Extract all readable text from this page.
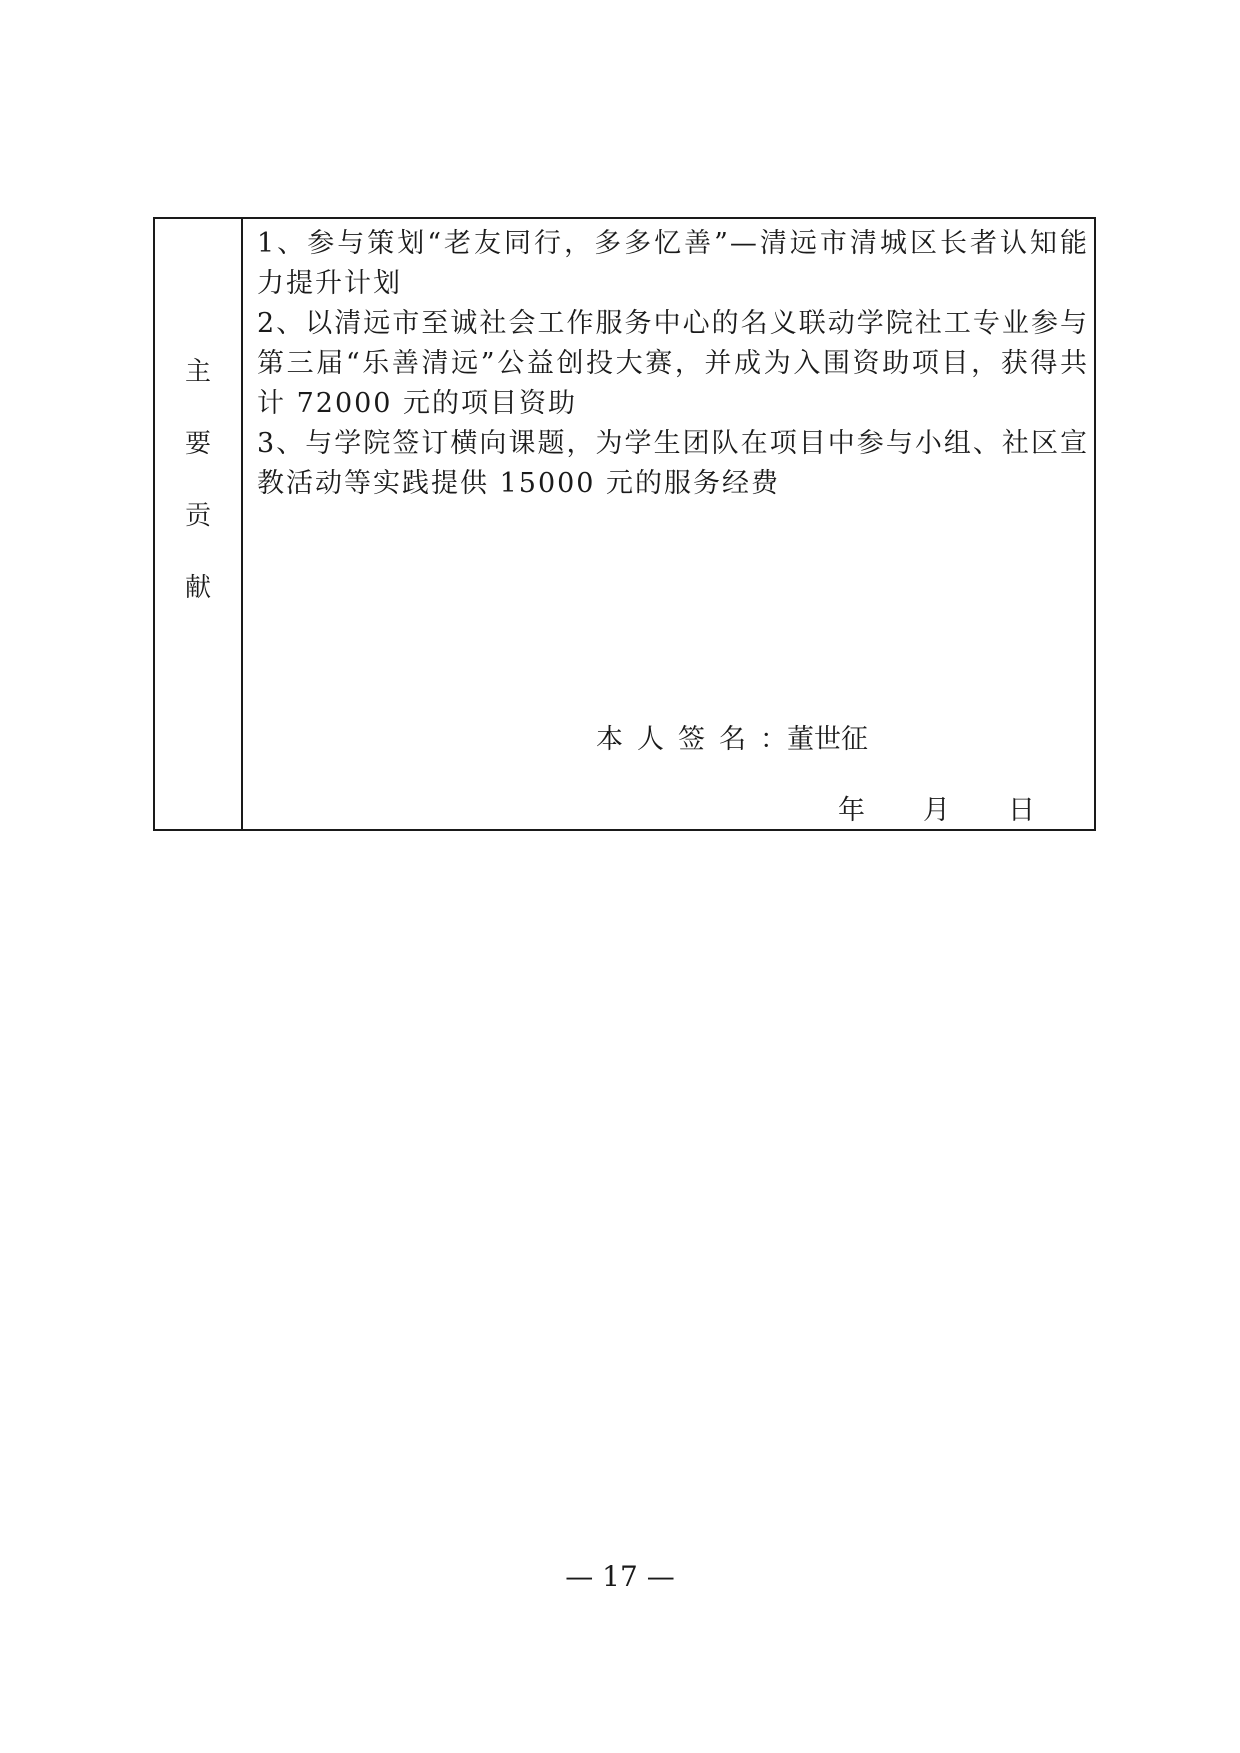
主
要
贡
献

1、参与策划“老友同行，多多忆善”—清远市清城区长者认知能力提升计划

2、以清远市至诚社会工作服务中心的名义联动学院社工专业参与第三届“乐善清远”公益创投大赛，并成为入围资助项目，获得共计 72000 元的项目资助

3、与学院签订横向课题，为学生团队在项目中参与小组、社区宣教活动等实践提供 15000 元的服务经费

本人签名：董世征
年 月 日
— 17 —
